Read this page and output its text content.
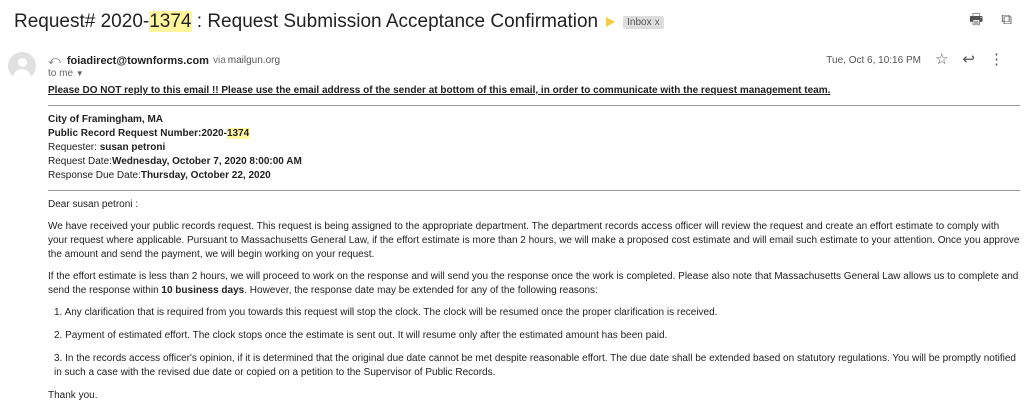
Request# 2020-1374 : Request Submission Acceptance Confirmation	Inbox x	🖶 ⧉
⤺ foiadirect@townforms.com via mailgun.org
to me ▼
Tue, Oct 6, 10:16 PM ☆ ↩ ⋮

Please DO NOT reply to this email !! Please use the email address of the sender at bottom of this email, in order to communicate with the request management team.

City of Framingham, MA

Public Record Request Number:2020-1374

Requester: susan petroni

Request Date:Wednesday, October 7, 2020 8:00:00 AM

Response Due Date:Thursday, October 22, 2020

Dear susan petroni :

We have received your public records request. This request is being assigned to the appropriate department. The department records access officer will review the request and create an effort estimate to comply with your request where applicable. Pursuant to Massachusetts General Law, if the effort estimate is more than 2 hours, we will make a proposed cost estimate and will email such estimate to your attention. Once you approve the amount and send the payment, we will begin working on your request.

If the effort estimate is less than 2 hours, we will proceed to work on the response and will send you the response once the work is completed. Please also note that Massachusetts General Law allows us to complete and send the response within 10 business days. However, the response date may be extended for any of the following reasons:

1. Any clarification that is required from you towards this request will stop the clock. The clock will be resumed once the proper clarification is received.
2. Payment of estimated effort. The clock stops once the estimate is sent out. It will resume only after the estimated amount has been paid.
3. In the records access officer's opinion, if it is determined that the original due date cannot be met despite reasonable effort. The due date shall be extended based on statutory regulations. You will be promptly notified in such a case with the revised due date or copied on a petition to the Supervisor of Public Records.

Thank you.
